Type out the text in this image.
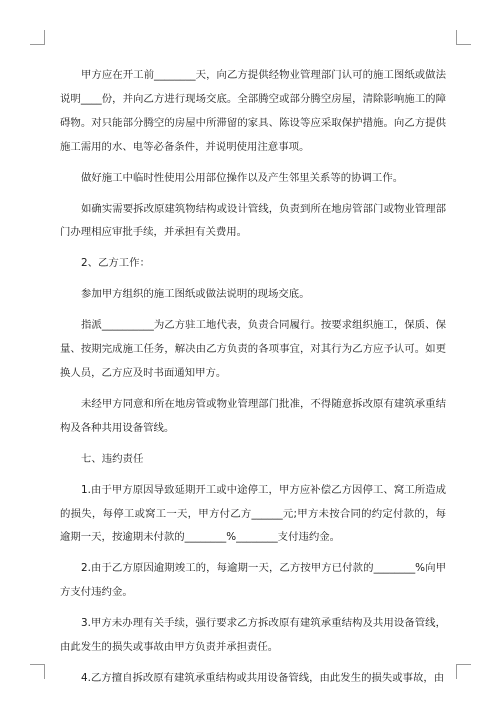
甲方应在开工前________天，向乙方提供经物业管理部门认可的施工图纸或做法说明____份，并向乙方进行现场交底。全部腾空或部分腾空房屋，清除影响施工的障碍物。对只能部分腾空的房屋中所滞留的家具、陈设等应采取保护措施。向乙方提供施工需用的水、电等必备条件，并说明使用注意事项。

做好施工中临时性使用公用部位操作以及产生邻里关系等的协调工作。

如确实需要拆改原建筑物结构或设计管线，负责到所在地房管部门或物业管理部门办理相应审批手续，并承担有关费用。

2、乙方工作：

参加甲方组织的施工图纸或做法说明的现场交底。

指派__________为乙方驻工地代表，负责合同履行。按要求组织施工，保质、保量、按期完成施工任务，解决由乙方负责的各项事宜，对其行为乙方应予认可。如更换人员，乙方应及时书面通知甲方。

未经甲方同意和所在地房管或物业管理部门批准，不得随意拆改原有建筑承重结构及各种共用设备管线。

七、违约责任

1.由于甲方原因导致延期开工或中途停工，甲方应补偿乙方因停工、窝工所造成的损失，每停工或窝工一天，甲方付乙方______元;甲方未按合同的约定付款的，每逾期一天，按逾期未付款的________%________支付违约金。

2.由于乙方原因逾期竣工的，每逾期一天，乙方按甲方已付款的________%向甲方支付违约金。

3.甲方未办理有关手续，强行要求乙方拆改原有建筑承重结构及共用设备管线，由此发生的损失或事故由甲方负责并承担责任。

4.乙方擅自拆改原有建筑承重结构或共用设备管线，由此发生的损失或事故，由
